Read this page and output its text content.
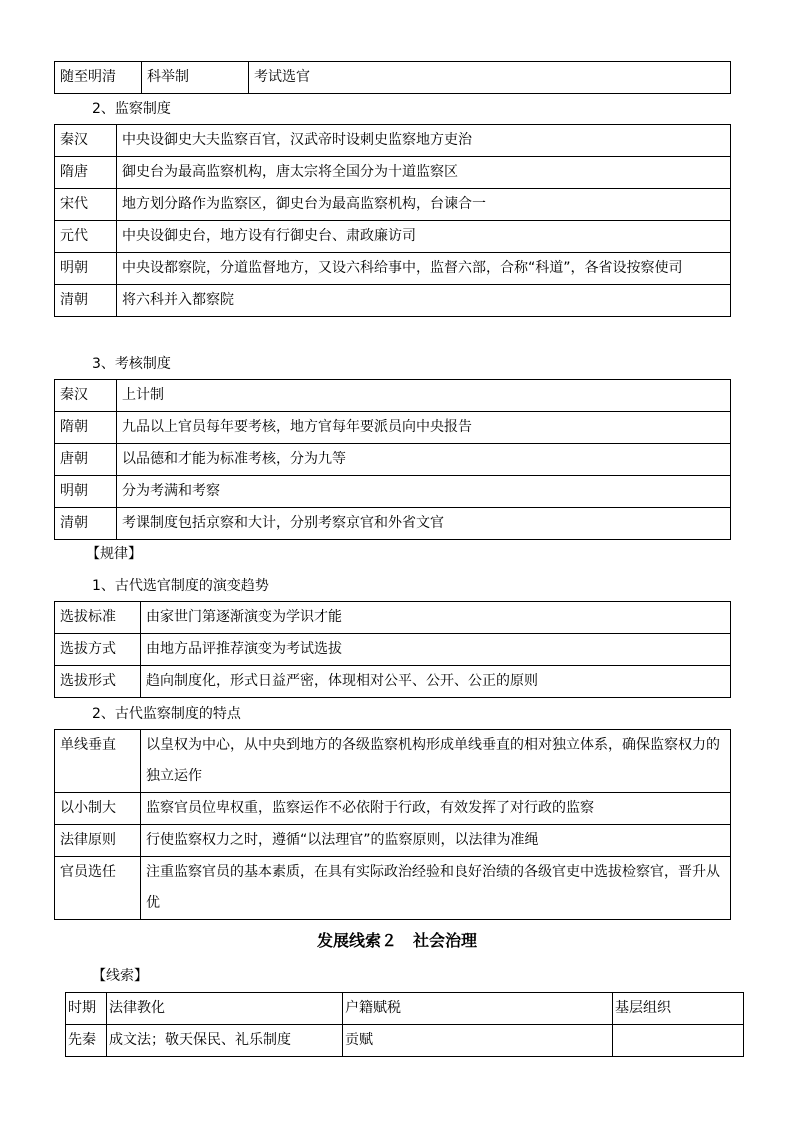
随至明清	科举制	考试选官
2、监察制度
秦汉	中央设御史大夫监察百官，汉武帝时设刺史监察地方吏治
隋唐	御史台为最高监察机构，唐太宗将全国分为十道监察区
宋代	地方划分路作为监察区，御史台为最高监察机构，台谏合一
元代	中央设御史台，地方设有行御史台、肃政廉访司
明朝	中央设都察院，分道监督地方，又设六科给事中，监督六部，合称“科道”，各省设按察使司
清朝	将六科并入都察院
3、考核制度
秦汉	上计制
隋朝	九品以上官员每年要考核，地方官每年要派员向中央报告
唐朝	以品德和才能为标准考核，分为九等
明朝	分为考满和考察
清朝	考课制度包括京察和大计，分别考察京官和外省文官
【规律】
1、古代选官制度的演变趋势
选拔标准	由家世门第逐渐演变为学识才能
选拔方式	由地方品评推荐演变为考试选拔
选拔形式	趋向制度化，形式日益严密，体现相对公平、公开、公正的原则
2、古代监察制度的特点
单线垂直	以皇权为中心，从中央到地方的各级监察机构形成单线垂直的相对独立体系，确保监察权力的独立运作
以小制大	监察官员位卑权重，监察运作不必依附于行政，有效发挥了对行政的监察
法律原则	行使监察权力之时，遵循“以法理官”的监察原则，以法律为准绳
官员选任	注重监察官员的基本素质，在具有实际政治经验和良好治绩的各级官吏中选拔检察官，晋升从优
发展线索２　社会治理
【线索】
时期	法律教化	户籍赋税	基层组织
先秦	成文法；敬天保民、礼乐制度	贡赋	
